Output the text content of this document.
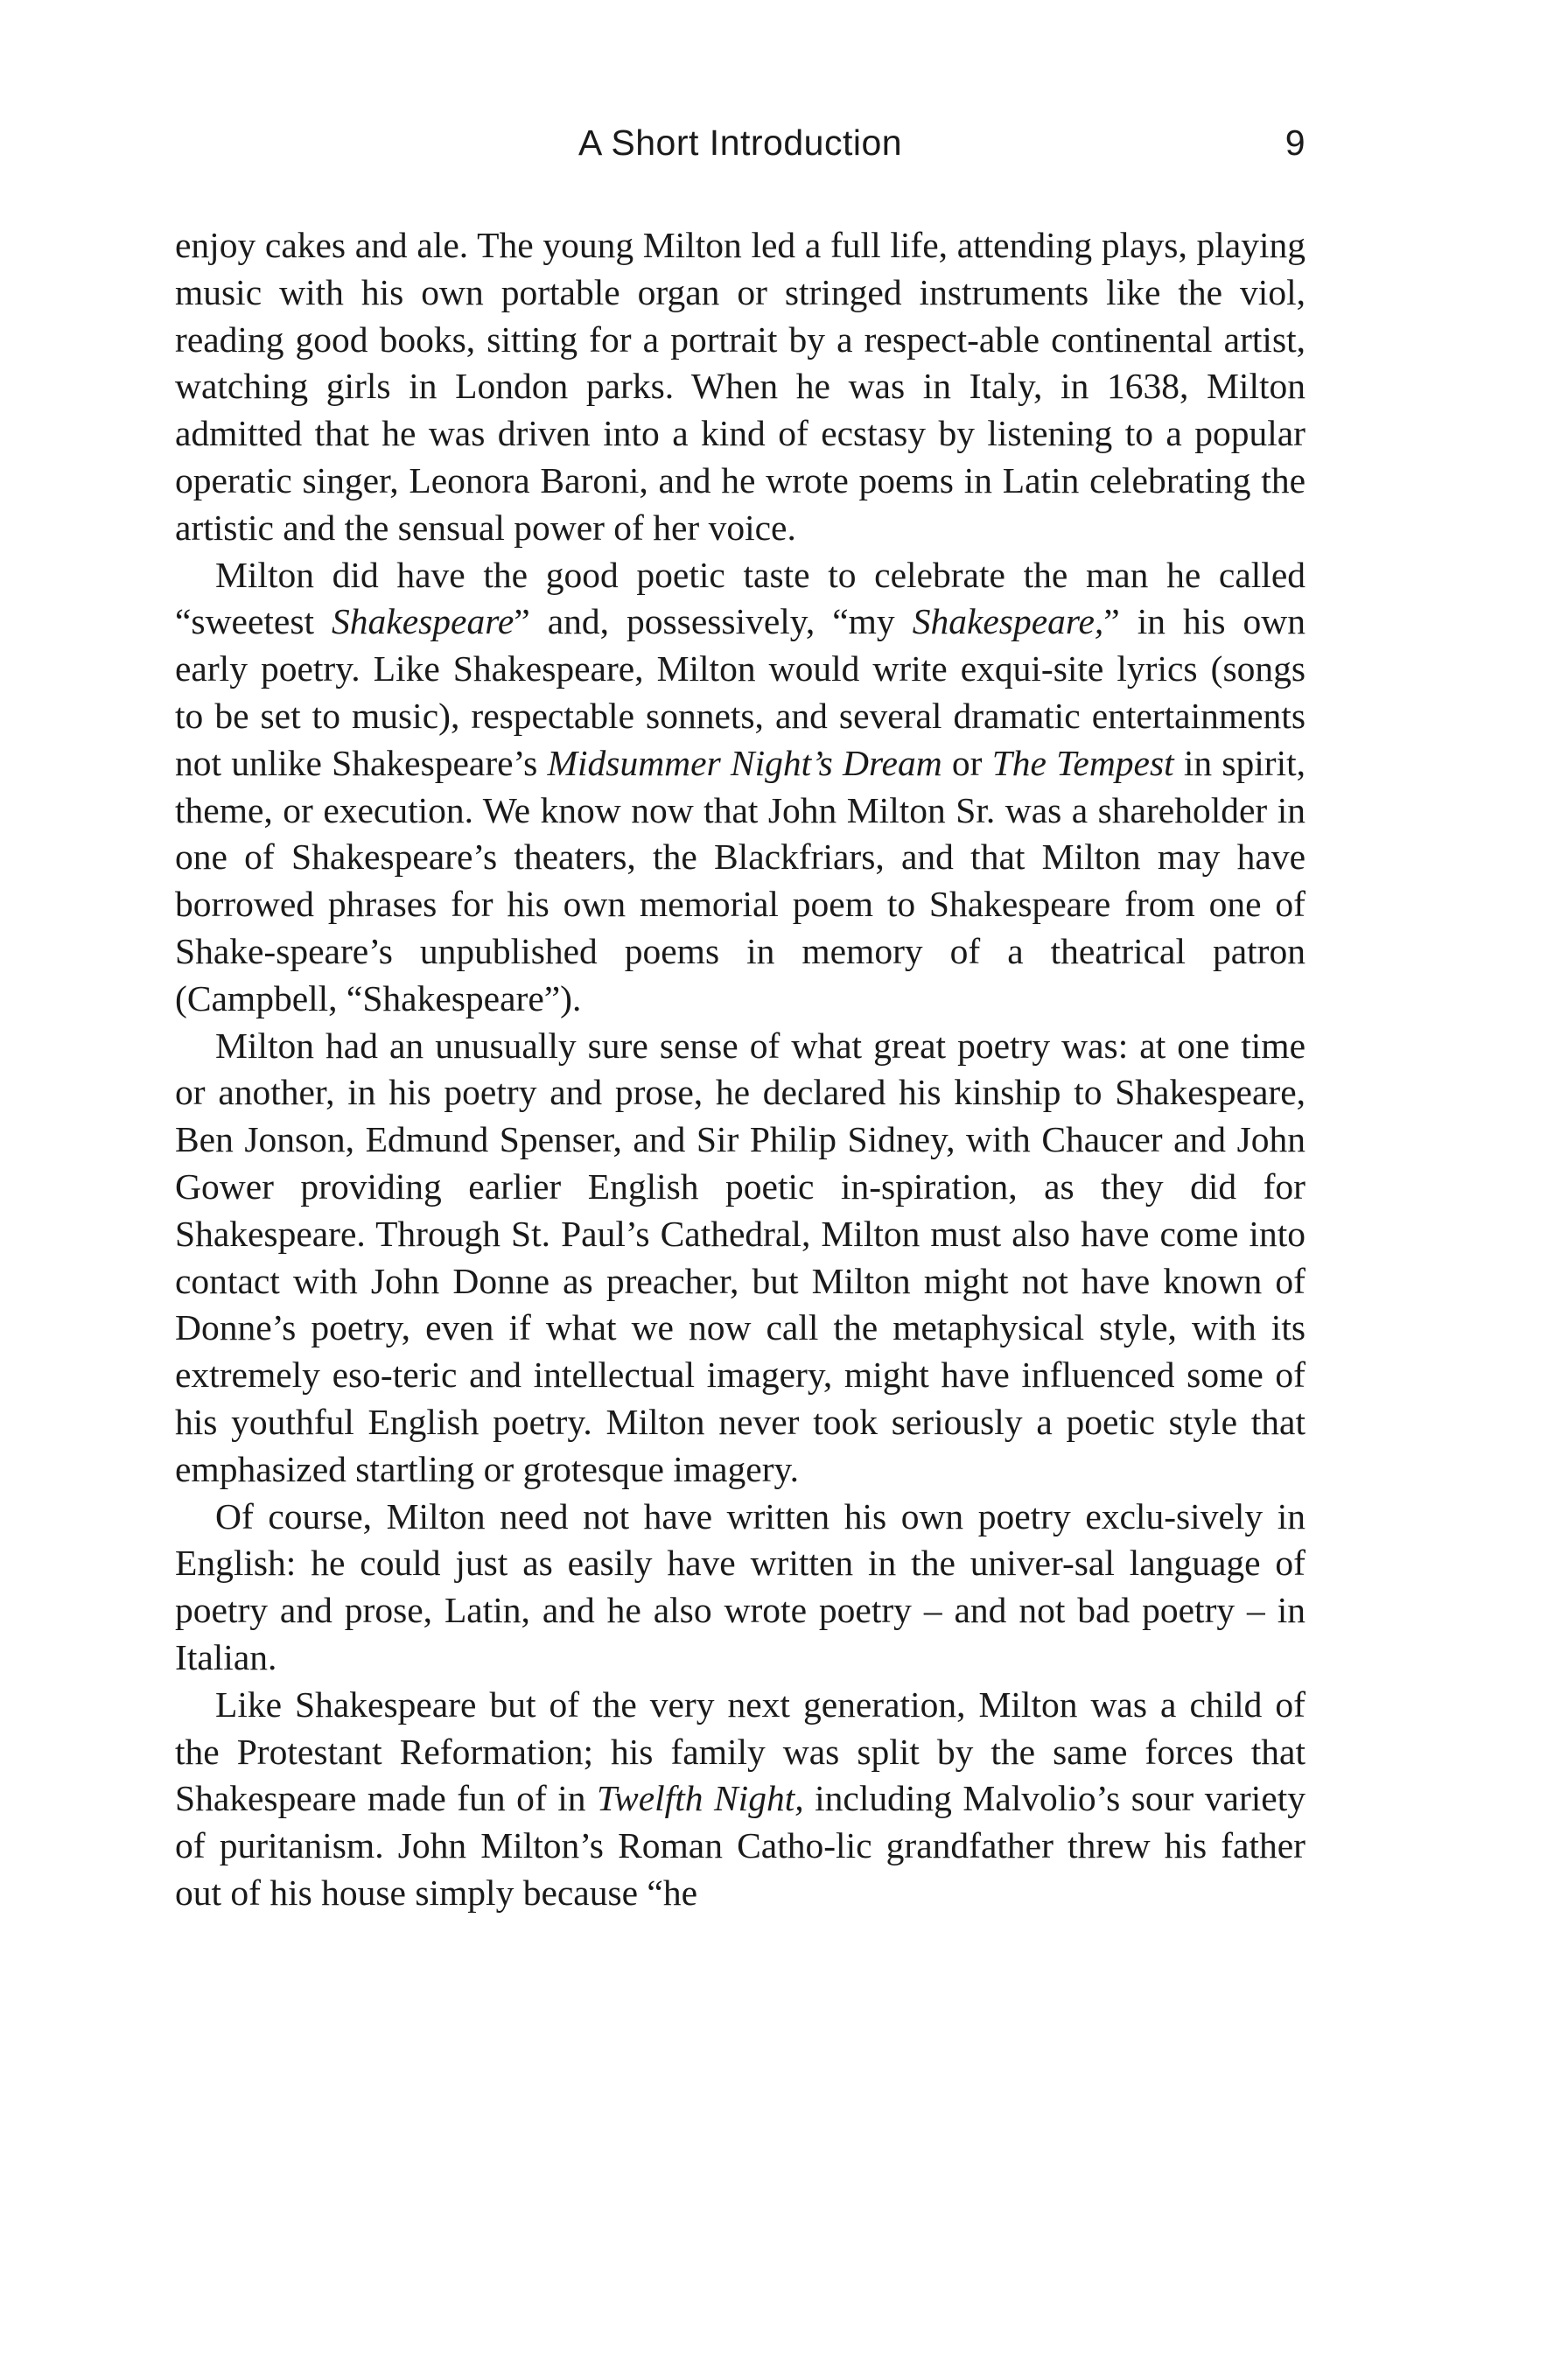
A Short Introduction	9

enjoy cakes and ale. The young Milton led a full life, attending plays, playing music with his own portable organ or stringed instruments like the viol, reading good books, sitting for a portrait by a respect-able continental artist, watching girls in London parks. When he was in Italy, in 1638, Milton admitted that he was driven into a kind of ecstasy by listening to a popular operatic singer, Leonora Baroni, and he wrote poems in Latin celebrating the artistic and the sensual power of her voice.

Milton did have the good poetic taste to celebrate the man he called “sweetest Shakespeare” and, possessively, “my Shakespeare,” in his own early poetry. Like Shakespeare, Milton would write exqui-site lyrics (songs to be set to music), respectable sonnets, and several dramatic entertainments not unlike Shakespeare’s Midsummer Night’s Dream or The Tempest in spirit, theme, or execution. We know now that John Milton Sr. was a shareholder in one of Shakespeare’s theaters, the Blackfriars, and that Milton may have borrowed phrases for his own memorial poem to Shakespeare from one of Shake-speare’s unpublished poems in memory of a theatrical patron (Campbell, “Shakespeare”).

Milton had an unusually sure sense of what great poetry was: at one time or another, in his poetry and prose, he declared his kinship to Shakespeare, Ben Jonson, Edmund Spenser, and Sir Philip Sidney, with Chaucer and John Gower providing earlier English poetic in-spiration, as they did for Shakespeare. Through St. Paul’s Cathedral, Milton must also have come into contact with John Donne as preacher, but Milton might not have known of Donne’s poetry, even if what we now call the metaphysical style, with its extremely eso-teric and intellectual imagery, might have influenced some of his youthful English poetry. Milton never took seriously a poetic style that emphasized startling or grotesque imagery.

Of course, Milton need not have written his own poetry exclu-sively in English: he could just as easily have written in the univer-sal language of poetry and prose, Latin, and he also wrote poetry – and not bad poetry – in Italian.

Like Shakespeare but of the very next generation, Milton was a child of the Protestant Reformation; his family was split by the same forces that Shakespeare made fun of in Twelfth Night, including Malvolio’s sour variety of puritanism. John Milton’s Roman Catho-lic grandfather threw his father out of his house simply because “he
